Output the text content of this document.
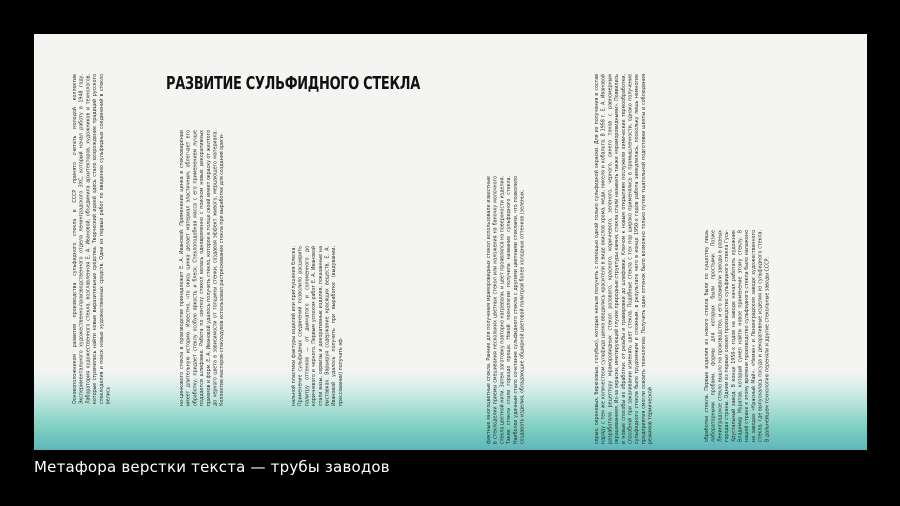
РАЗВИТИЕ СУЛЬФИДНОГО СТЕКЛА
Основоположником развития производства сульфидного стекла в СССР принято считать молодой коллектив Экспериментального художественно-производственного отдела ленинградского ЗХС, который начал работу в 1948 году. Лаборатория художественного стекла, возглавленная Е. А. Ивановой, объединила архитекторов, художников и технологов, которые стремились найти новые выразительные средства. Творческий идеей здесь стало возрождение традиций русского стеклоделия и поиск новых художественных средств. Одни из первых работ по введению сульфидных соединений в стекло велись	но-цинкового стекла в производстве принадлежит Е. А. Ивановой. Применение цинка в стекловарении имеет длительную историю. Известно, что окись цинка делает материал эластичным, облегчает его обработку, придает стеклу особую яркость и блеск. Стеклоподобная масса с его применением лучше поддается шлифовке. Работа по синтезу стекол велась одновременно с поиском новых декоративных приемов и форм. Е. А. Ивановой удалось получить стекло, которое в толще своей имеет окраску от желтого до черного цвета в зависимости от толщины стенки, создавая эффект живого, мерцающего материала. Коллектив мастеров-стеклодувов использовал растрескивание стекла при выработке для создания ориги-	нальной пластики фактуры изделий или приглушения блеска. Применение сульфидных соединений позволило расширить палитру оттенков — от дымчатого и соломенного до коричневого и черного. Первым успехом работ Е. А. Ивановой стали вазы, сервизы и декоративные изделия, показанные на выставках. Варьируя содержание красящих веществ, Е. А. Ивановой удалось получить при выработке (выдувании, прессовании) получать эф-	фектные многоцветные стекла. Ранние для получения мраморовидных стекол использовали известные в стеклоделии приемы смешивания нескольких цветных стекол или наложения на баночку молочного стекла цветной нити. Затем заготовку повторно нагревали, и цвет проявлялся на поверхности изделия. Такие стекла стали гораздо проще. Новой технологии получила название сульфидного стекла. Наиболее удачным стало сочетание сульфидного стекла с другими цветными стеклами, что позволило создавать изделия, обладающие обширной цветовой палитрой более холодных оттенков (зеленых,	серых, сиреневых, бирюзовых, голубых), которых нельзя получить с помощью одной только сульфидной окраски. Для их получения в состав наряду с тем же количеством сульфида цинка вводились красители в виде окислов хрома, меди, никеля и кобальта. В 1958 г. Е. А. Ивановой разработала рецептуру мраморовидных стекол розового, красного, коричневого, зеленого, черного, синего тонов с равномерным окрашиванием. Из-за окраски, имитирующей глухие природные структуры камня, стекла стали называть также «мраморовидными». Появились и новые способы их обработки: от резьбы и гравировки до шлифовки. Ключом к новым открытиям послужили химические термообработки, способной при закаливании изменять цвет стекла. Подобные стекла с тех пор широко применялись в промышленности, однако получение сульфидного стекла было трудоемким и сложным, в результате чего в конце 1950-х годов работа замедлилась, поскольку лишь немногие предприятия смогли освоить технологию. Получить один оттенок было возможно только путем тщательной подготовки шихты и соблюдения режимов термической	обработки стекла. Первые изделия из нового стекла были по существу лишь лабораторными пробами, формы для которых были простыми. Позже Ленинградское стекло вышло на производство, и его осваивали заводы в разных городах страны. Одним из первых освоил производство сульфидного стекла Гусь-Хрустальный завод. В конце 1950-х годов на заводе начал работать художник Владимир Муратов, который сумел найти новое применение этому стеклу. В нашей стране к этому времени производство сульфидного стекла было налажено на заводах «Красный Май», «Неман» и Ленинградском заводе художественного стекла, где выпускалась посуда и декоративные изделия из сульфидного стекла. В дальнейшем технологию переняли и другие стекольные заводы СССР.
Метафора верстки текста — трубы заводов
